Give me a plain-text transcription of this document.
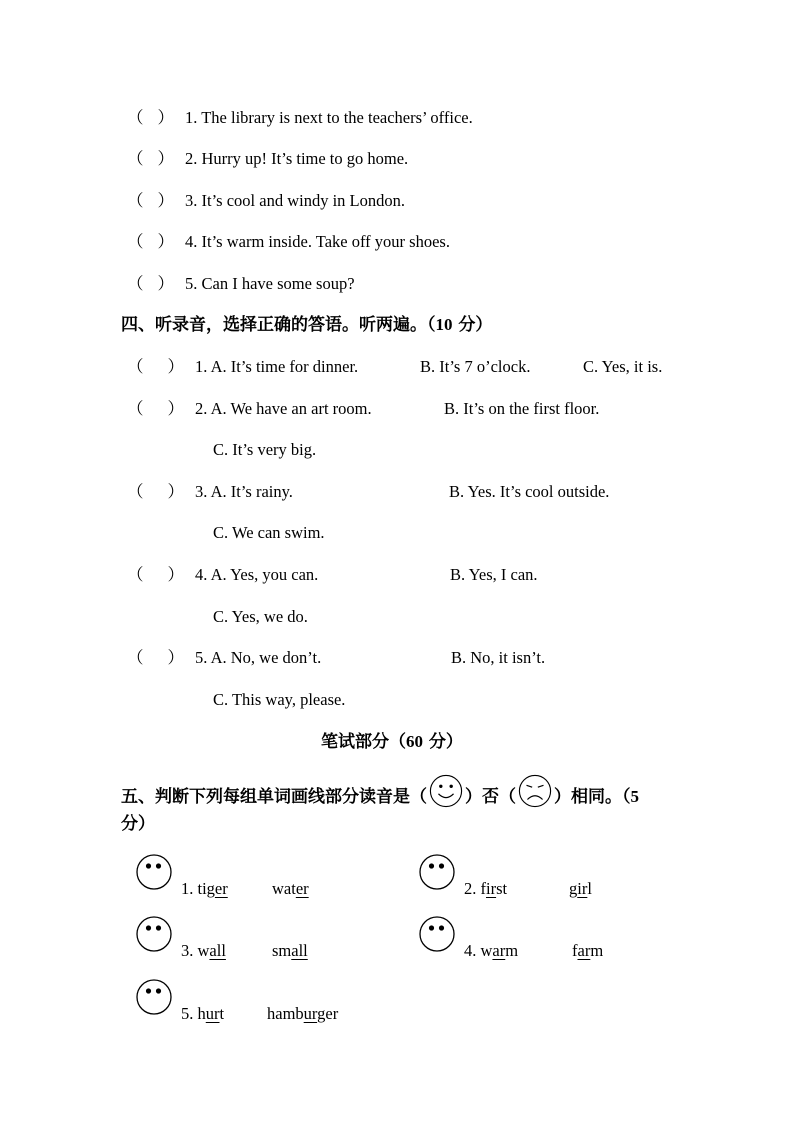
（ ） 1. The library is next to the teachers’ office.
（ ） 2. Hurry up! It’s time to go home.
（ ） 3. It’s cool and windy in London.
（ ） 4. It’s warm inside. Take off your shoes.
（ ） 5. Can I have some soup?
四、听录音，选择正确的答语。听两遍。（10 分）
（ ） 1. A. It’s time for dinner.	B. It’s 7 o’clock.	C. Yes, it is.
（ ） 2. A. We have an art room.	B. It’s on the first floor.
C. It’s very big.
（ ） 3. A. It’s rainy.	B. Yes. It’s cool outside.
C. We can swim.
（ ） 4. A. Yes, you can.	B. Yes, I can.
C. Yes, we do.
（ ） 5. A. No, we don’t.	B. No, it isn’t.
C. This way, please.
笔试部分（60 分）
五、判断下列每组单词画线部分读音是（ ）否（ ）相同。（5
分）
1. tiger	water	2. first	girl
3. wall	small	4. warm	farm
5. hurt	hamburger
